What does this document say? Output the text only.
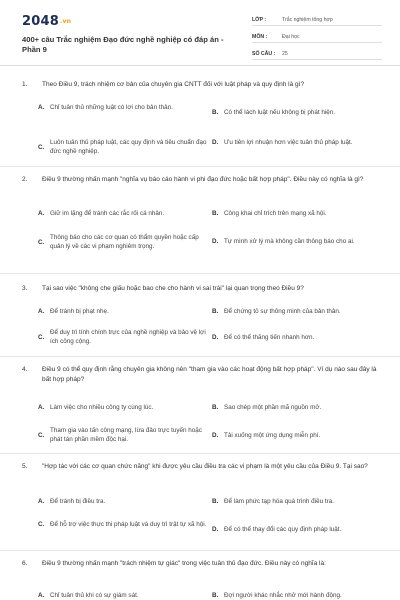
2048.vn
400+ câu Trắc nghiệm Đạo đức nghề nghiệp có đáp án - Phần 9
LỚP :	Trắc nghiệm tổng hợp
MÔN :	Đại học
SỐ CÂU :	25
1. Theo Điều 9, trách nhiệm cơ bản của chuyên gia CNTT đối với luật pháp và quy định là gì?
A. Chỉ tuân thủ những luật có lợi cho bản thân.
B. Có thể lách luật nếu không bị phát hiện.
C.
Luôn tuân thủ pháp luật, các quy định và tiêu chuẩn đạo đức nghề nghiệp.
D. Ưu tiên lợi nhuận hơn việc tuân thủ pháp luật.
2. Điều 9 thường nhấn mạnh "nghĩa vụ báo cáo hành vi phi đạo đức hoặc bất hợp pháp". Điều này có nghĩa là gì?
A. Giữ im lặng để tránh các rắc rối cá nhân.	B. Công khai chỉ trích trên mạng xã hội.
C.
Thông báo cho các cơ quan có thẩm quyền hoặc cấp quản lý về các vi phạm nghiêm trọng.
D. Tự mình xử lý mà không cần thông báo cho ai.
3. Tại sao việc "không che giấu hoặc bao che cho hành vi sai trái" lại quan trọng theo Điều 9?
A. Để tránh bị phạt nhẹ.	B. Để chứng tỏ sự thông minh của bản thân.
C.
Để duy trì tính chính trực của nghề nghiệp và bảo vệ lợi ích công cộng.
D. Để có thể thăng tiến nhanh hơn.
4. Điều 9 có thể quy định rằng chuyên gia không nên "tham gia vào các hoạt động bất hợp pháp". Ví dụ nào sau đây là bất hợp pháp?
A. Làm việc cho nhiều công ty cùng lúc.	B. Sao chép một phần mã nguồn mở.
C.
Tham gia vào tấn công mạng, lừa đảo trực tuyến hoặc phát tán phần mềm độc hại.
D. Tải xuống một ứng dụng miễn phí.
5. "Hợp tác với các cơ quan chức năng" khi được yêu cầu điều tra các vi phạm là một yêu cầu của Điều 9. Tại sao?
A. Để tránh bị điều tra.	B. Để làm phức tạp hóa quá trình điều tra.
C. Để hỗ trợ việc thực thi pháp luật và duy trì trật tự xã hội.
D. Để có thể thay đổi các quy định pháp luật.
6. Điều 9 thường nhấn mạnh "trách nhiệm tự giác" trong việc tuân thủ đạo đức. Điều này có nghĩa là:
A. Chỉ tuân thủ khi có sự giám sát.	B. Đợi người khác nhắc nhở mới hành động.
